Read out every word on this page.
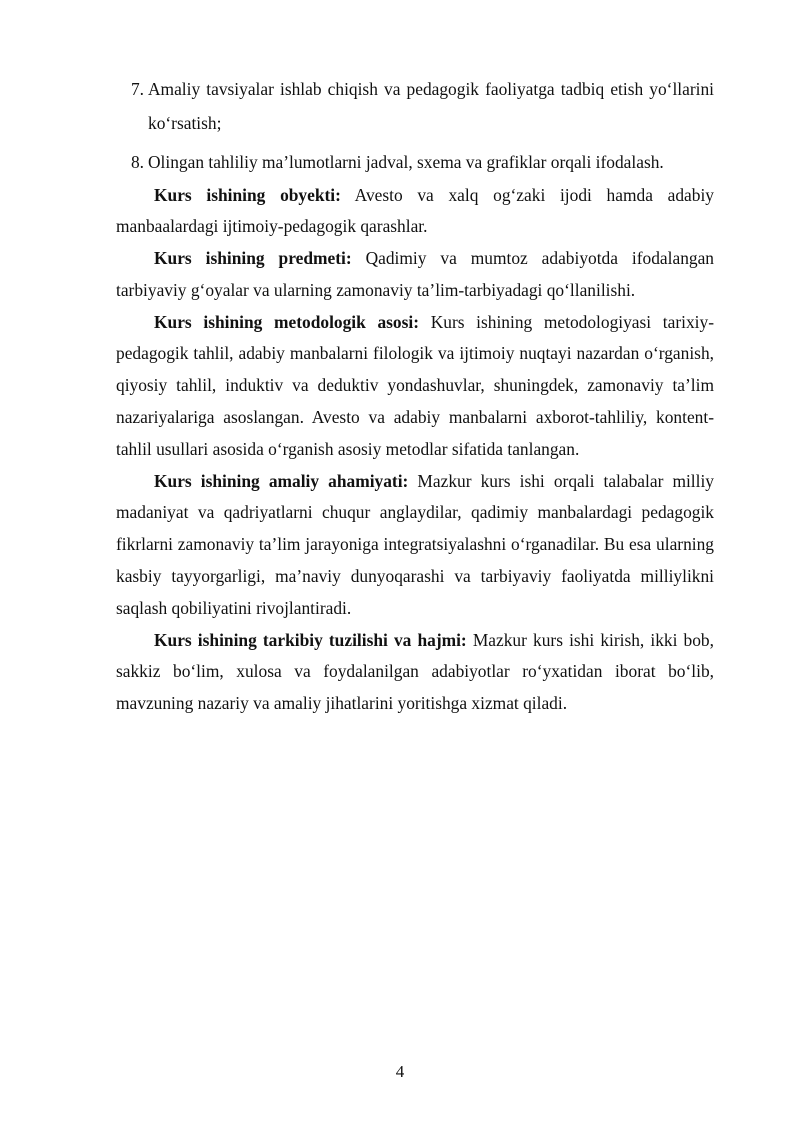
7. Amaliy tavsiyalar ishlab chiqish va pedagogik faoliyatga tadbiq etish yo‘llarini ko‘rsatish;
8. Olingan tahliliy ma’lumotlarni jadval, sxema va grafiklar orqali ifodalash.

Kurs ishining obyekti: Avesto va xalq og‘zaki ijodi hamda adabiy manbaalardagi ijtimoiy-pedagogik qarashlar.

Kurs ishining predmeti: Qadimiy va mumtoz adabiyotda ifodalangan tarbiyaviy g‘oyalar va ularning zamonaviy ta’lim-tarbiyadagi qo‘llanilishi.

Kurs ishining metodologik asosi: Kurs ishining metodologiyasi tarixiy-pedagogik tahlil, adabiy manbalarni filologik va ijtimoiy nuqtayi nazardan o‘rganish, qiyosiy tahlil, induktiv va deduktiv yondashuvlar, shuningdek, zamonaviy ta’lim nazariyalariga asoslangan. Avesto va adabiy manbalarni axborot-tahliliy, kontent-tahlil usullari asosida o‘rganish asosiy metodlar sifatida tanlangan.

Kurs ishining amaliy ahamiyati: Mazkur kurs ishi orqali talabalar milliy madaniyat va qadriyatlarni chuqur anglaydilar, qadimiy manbalardagi pedagogik fikrlarni zamonaviy ta’lim jarayoniga integratsiyalashni o‘rganadilar. Bu esa ularning kasbiy tayyorgarligi, ma’naviy dunyoqarashi va tarbiyaviy faoliyatda milliylikni saqlash qobiliyatini rivojlantiradi.

Kurs ishining tarkibiy tuzilishi va hajmi: Mazkur kurs ishi kirish, ikki bob, sakkiz bo‘lim, xulosa va foydalanilgan adabiyotlar ro‘yxatidan iborat bo‘lib, mavzuning nazariy va amaliy jihatlarini yoritishga xizmat qiladi.

4
